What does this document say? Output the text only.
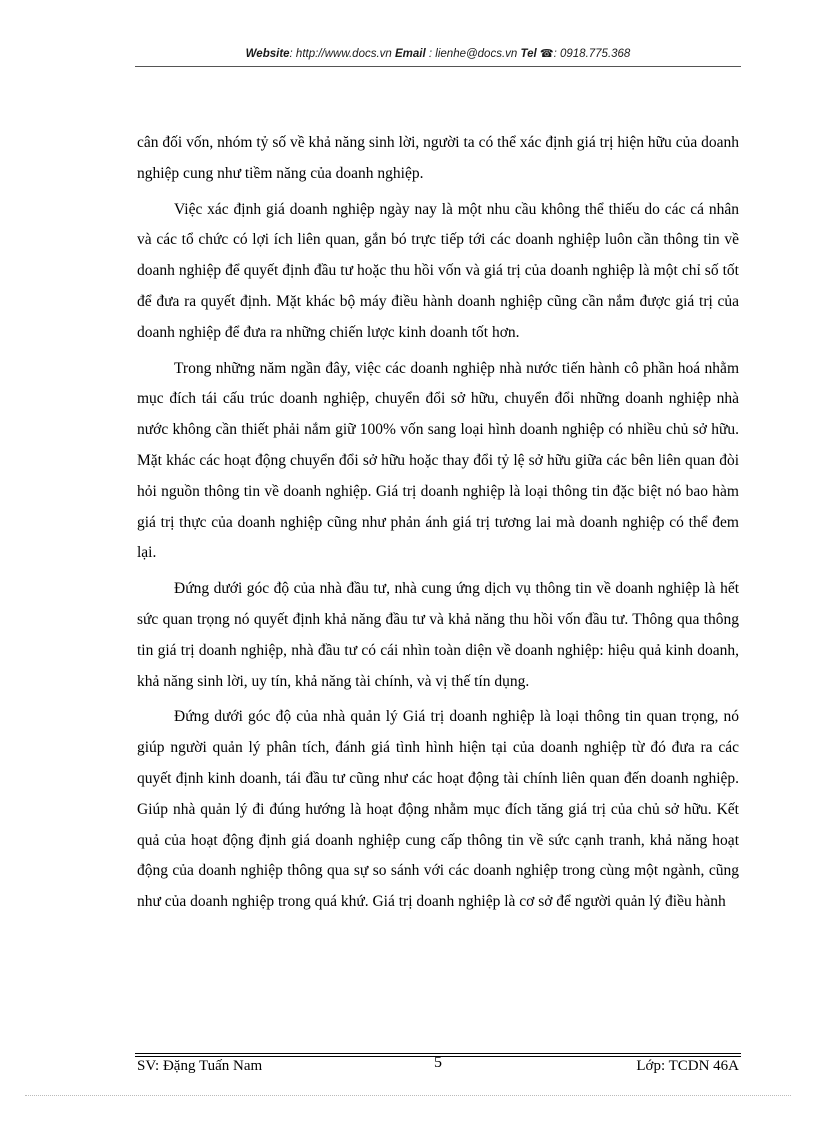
Website: http://www.docs.vn Email : lienhe@docs.vn Tel ☎: 0918.775.368

cân đối vốn, nhóm tỷ số về khả năng sinh lời, người ta có thể xác định giá trị hiện hữu của doanh nghiệp cung như tiềm năng của doanh nghiệp.

Việc xác định giá doanh nghiệp ngày nay là một nhu cầu không thể thiếu do các cá nhân và các tổ chức có lợi ích liên quan, gắn bó trực tiếp tới các doanh nghiệp luôn cần thông tin về doanh nghiệp để quyết định đầu tư hoặc thu hồi vốn và giá trị của doanh nghiệp là một chỉ số tốt để đưa ra quyết định. Mặt khác bộ máy điều hành doanh nghiệp cũng cần nắm được giá trị của doanh nghiệp để đưa ra những chiến lược kinh doanh tốt hơn.

Trong những năm ngần đây, việc các doanh nghiệp nhà nước tiến hành cô phần hoá nhằm mục đích tái cấu trúc doanh nghiệp, chuyển đổi sở hữu, chuyển đổi những doanh nghiệp nhà nước không cần thiết phải nắm giữ 100% vốn sang loại hình doanh nghiệp có nhiều chủ sở hữu. Mặt khác các hoạt động chuyển đổi sở hữu hoặc thay đổi tỷ lệ sở hữu giữa các bên liên quan đòi hỏi nguồn thông tin về doanh nghiệp. Giá trị doanh nghiệp là loại thông tin đặc biệt nó bao hàm giá trị thực của doanh nghiệp cũng như phản ánh giá trị tương lai mà doanh nghiệp có thể đem lại.

Đứng dưới góc độ của nhà đầu tư, nhà cung ứng dịch vụ thông tin về doanh nghiệp là hết sức quan trọng nó quyết định khả năng đầu tư và khả năng thu hồi vốn đầu tư. Thông qua thông tin giá trị doanh nghiệp, nhà đầu tư có cái nhìn toàn diện về doanh nghiệp: hiệu quả kinh doanh, khả năng sinh lời, uy tín, khả năng tài chính, và vị thế tín dụng.

Đứng dưới góc độ của nhà quản lý Giá trị doanh nghiệp là loại thông tin quan trọng, nó giúp người quản lý phân tích, đánh giá tình hình hiện tại của doanh nghiệp từ đó đưa ra các quyết định kinh doanh, tái đầu tư cũng như các hoạt động tài chính liên quan đến doanh nghiệp. Giúp nhà quản lý đi đúng hướng là hoạt động nhằm mục đích tăng giá trị của chủ sở hữu. Kết quả của hoạt động định giá doanh nghiệp cung cấp thông tin về sức cạnh tranh, khả năng hoạt động của doanh nghiệp thông qua sự so sánh với các doanh nghiệp trong cùng một ngành, cũng như của doanh nghiệp trong quá khứ. Giá trị doanh nghiệp là cơ sở để người quản lý điều hành

SV: Đặng Tuấn Nam	5	Lớp: TCDN 46A
